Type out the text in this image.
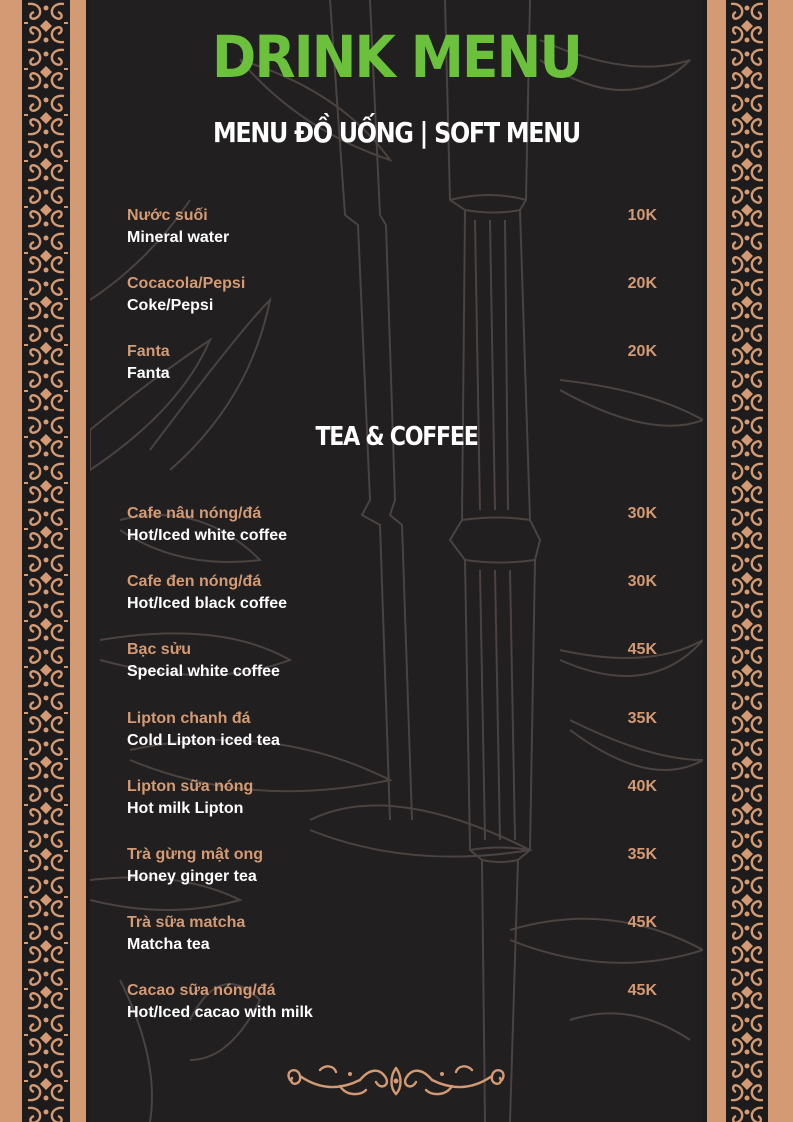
DRINK MENU
MENU ĐỒ UỐNG | SOFT MENU
Nước suối
Mineral water
10K
Cocacola/Pepsi
Coke/Pepsi
20K
Fanta
Fanta
20K
TEA & COFFEE
Cafe nâu nóng/đá
Hot/Iced white coffee
30K
Cafe đen nóng/đá
Hot/Iced black coffee
30K
Bạc sửu
Special white coffee
45K
Lipton chanh đá
Cold Lipton iced tea
35K
Lipton sữa nóng
Hot milk Lipton
40K
Trà gừng mật ong
Honey ginger tea
35K
Trà sữa matcha
Matcha tea
45K
Cacao sữa nóng/đá
Hot/Iced cacao with milk
45K
